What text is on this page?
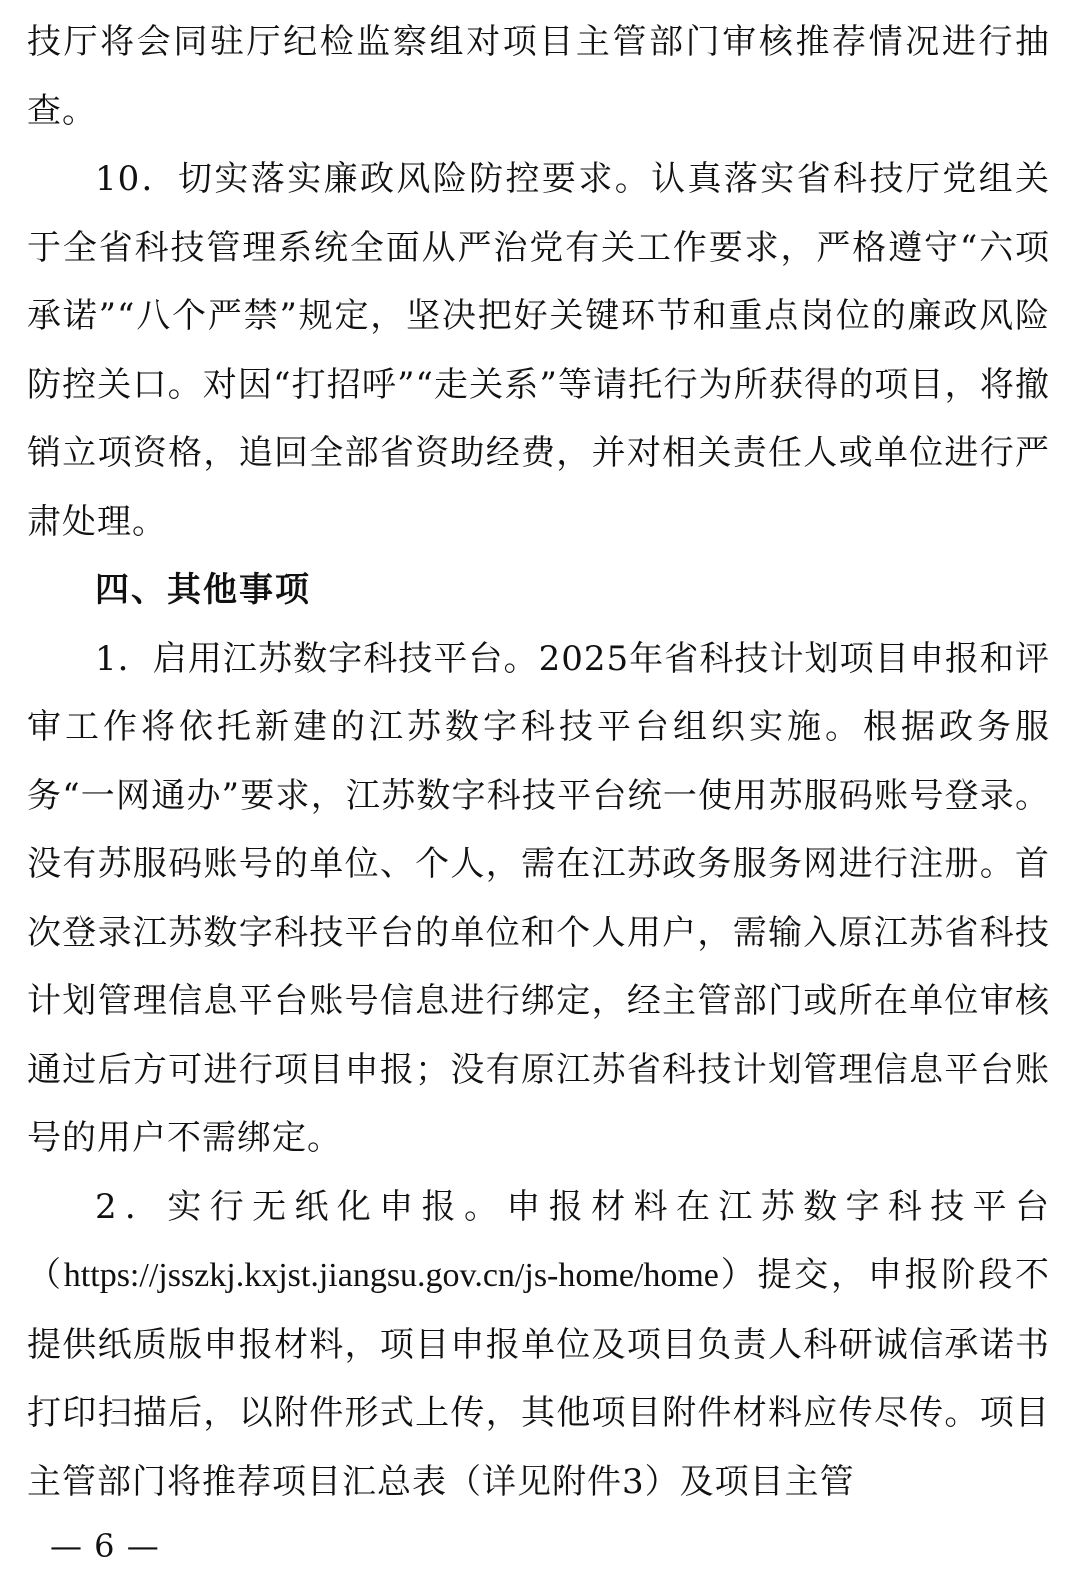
技厅将会同驻厅纪检监察组对项目主管部门审核推荐情况进行抽查。

10．切实落实廉政风险防控要求。认真落实省科技厅党组关于全省科技管理系统全面从严治党有关工作要求，严格遵守“六项承诺”“八个严禁”规定，坚决把好关键环节和重点岗位的廉政风险防控关口。对因“打招呼”“走关系”等请托行为所获得的项目，将撤销立项资格，追回全部省资助经费，并对相关责任人或单位进行严肃处理。

四、其他事项

1．启用江苏数字科技平台。2025年省科技计划项目申报和评审工作将依托新建的江苏数字科技平台组织实施。根据政务服务“一网通办”要求，江苏数字科技平台统一使用苏服码账号登录。没有苏服码账号的单位、个人，需在江苏政务服务网进行注册。首次登录江苏数字科技平台的单位和个人用户，需输入原江苏省科技计划管理信息平台账号信息进行绑定，经主管部门或所在单位审核通过后方可进行项目申报；没有原江苏省科技计划管理信息平台账号的用户不需绑定。

2．实行无纸化申报。申报材料在江苏数字科技平台（https://jsszkj.kxjst.jiangsu.gov.cn/js-home/home）提交，申报阶段不提供纸质版申报材料，项目申报单位及项目负责人科研诚信承诺书打印扫描后，以附件形式上传，其他项目附件材料应传尽传。项目主管部门将推荐项目汇总表（详见附件3）及项目主管

— 6 —
